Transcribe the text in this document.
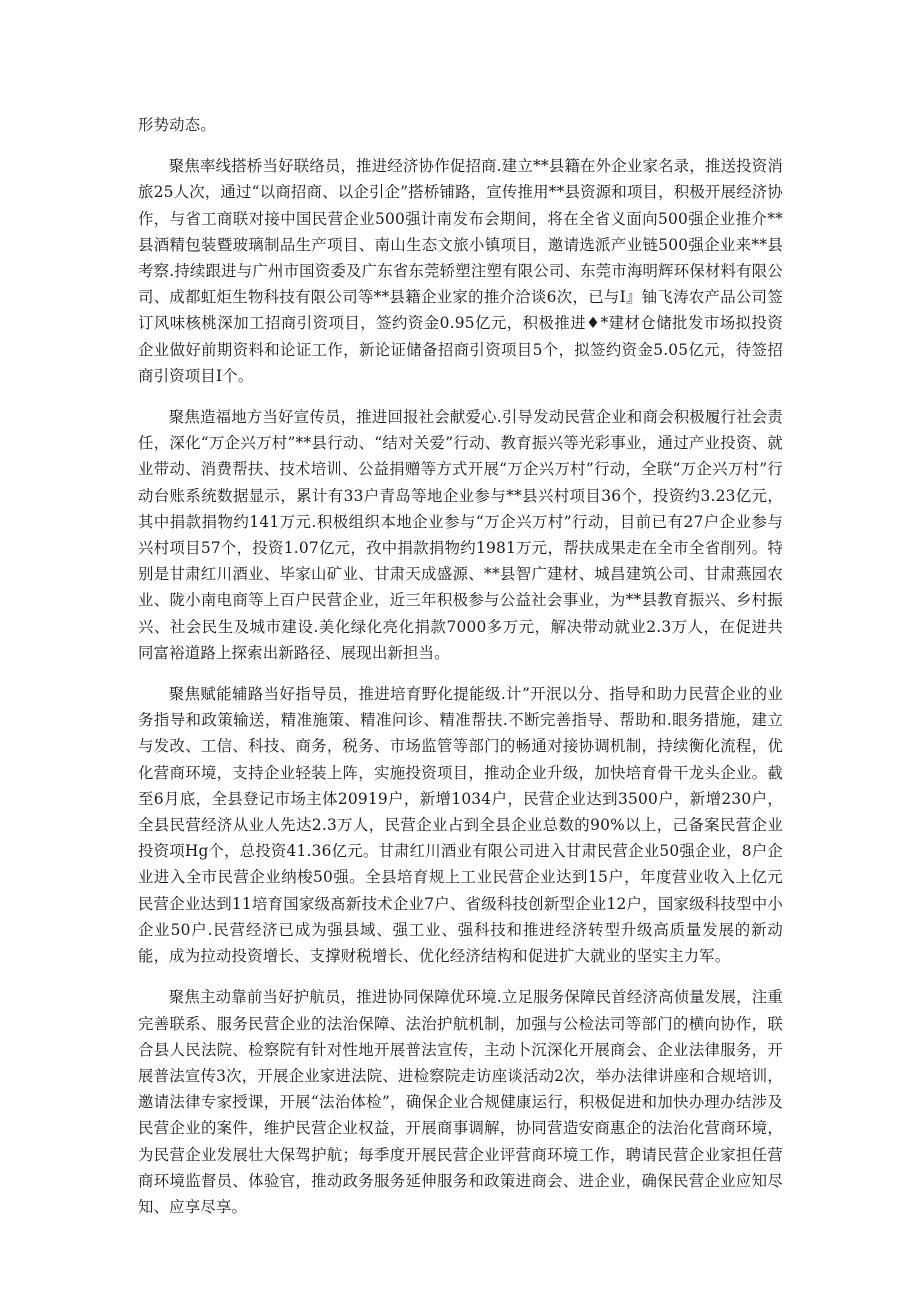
形势动态。

聚焦率线搭桥当好联络员，推进经济协作促招商.建立**县籍在外企业家名录，推送投资消旅25人次，通过“以商招商、以企引企”搭桥铺路，宣传推用**县资源和项目，积极开展经济协作，与省工商联对接中国民营企业500强计南发布会期间，将在全省义面向500强企业推介**县酒精包装暨玻璃制品生产项目、南山生态文旅小镇项目，邀请选派产业链500强企业来**县考察.持续跟进与广州市国资委及广东省东莞轿塑注塑有限公司、东莞市海明辉环保材料有限公司、成都虹炬生物科技有限公司等**县籍企业家的推介洽谈6次，已与I』铀飞涛农产品公司签订风味核桃深加工招商引资项目，签约资金0.95亿元，积极推进♦*建材仓储批发市场拟投资企业做好前期资料和论证工作，新论证储备招商引资项目5个，拟签约资金5.05亿元，待签招商引资项目I个。

聚焦造福地方当好宣传员，推进回报社会献爱心.引导发动民营企业和商会积极履行社会责任，深化“万企兴万村”**县行动、“结对关爱”行动、教育振兴等光彩事业，通过产业投资、就业带动、消费帮扶、技术培训、公益捐赠等方式开展“万企兴万村”行动，全联“万企兴万村”行动台账系统数据显示，累计有33户青岛等地企业参与**县兴村项目36个，投资约3.23亿元，其中捐款捐物约141万元.积极组织本地企业参与“万企兴万村”行动，目前已有27户企业参与兴村项目57个，投资1.07亿元，孜中捐款捐物约1981万元，帮扶成果走在全市全省削列。特别是甘肃红川酒业、毕家山矿业、甘肃天成盛源、**县智广建材、城昌建筑公司、甘肃燕园农业、陇小南电商等上百户民营企业，近三年积极参与公益社会事业，为**县教育振兴、乡村振兴、社会民生及城市建设.美化绿化亮化捐款7000多万元，解决带动就业2.3万人，在促进共同富裕道路上探索出新路径、展现出新担当。

聚焦赋能辅路当好指导员，推进培育野化提能级.计”开泯以分、指导和助力民营企业的业务指导和政策输送，精准施策、精准问诊、精准帮扶.不断完善指导、帮助和.眼务措施，建立与发改、工信、科技、商务，税务、市场监管等部门的畅通对接协调机制，持续衡化流程，优化营商环境，支持企业轻装上阵，实施投资项目，推动企业升级，加快培育骨干龙头企业。截至6月底，全县登记市场主体20919户，新增1034户，民营企业达到3500户，新增230户，全县民营经济从业人先达2.3万人，民营企业占到全县企业总数的90%以上，己备案民营企业投资项Hg个，总投资41.36亿元。甘肃红川酒业有限公司进入甘肃民营企业50强企业，8户企业进入全市民营企业纳梭50强。全县培育规上工业民营企业达到15户，年度营业收入上亿元民营企业达到11培育国家级髙新技术企业7户、省级科技创新型企业12户，国家级科技型中小企业50户.民营经济已成为强县域、强工业、强科技和推进经济转型升级高质量发展的新动能，成为拉动投资增长、支撑财税增长、优化经济结构和促进扩大就业的坚实主力军。

聚焦主动靠前当好护航员，推进协同保障优环境.立足服务保障民首经济高侦量发展，注重完善联系、服务民营企业的法治保障、法治护航机制，加强与公检法司等部门的横向协作，联合县人民法院、检察院有针对性地开展普法宣传，主动卜沉深化开展商会、企业法律服务，开展普法宣传3次，开展企业家进法院、进检察院走访座谈活动2次，举办法律讲座和合规培训，邀请法律专家授课，开展“法治体检”，确保企业合规健康运行，积极促进和加快办理办结涉及民营企业的案件，维护民营企业权益，开展商事调解，协同营造安商惠企的法治化营商环境，为民营企业发展壮大保驾护航；每季度开展民营企业评营商环境工作，聘请民营企业家担任营商环境监督员、体验官，推动政务服务延伸服务和政策进商会、进企业，确保民营企业应知尽知、应享尽享。
